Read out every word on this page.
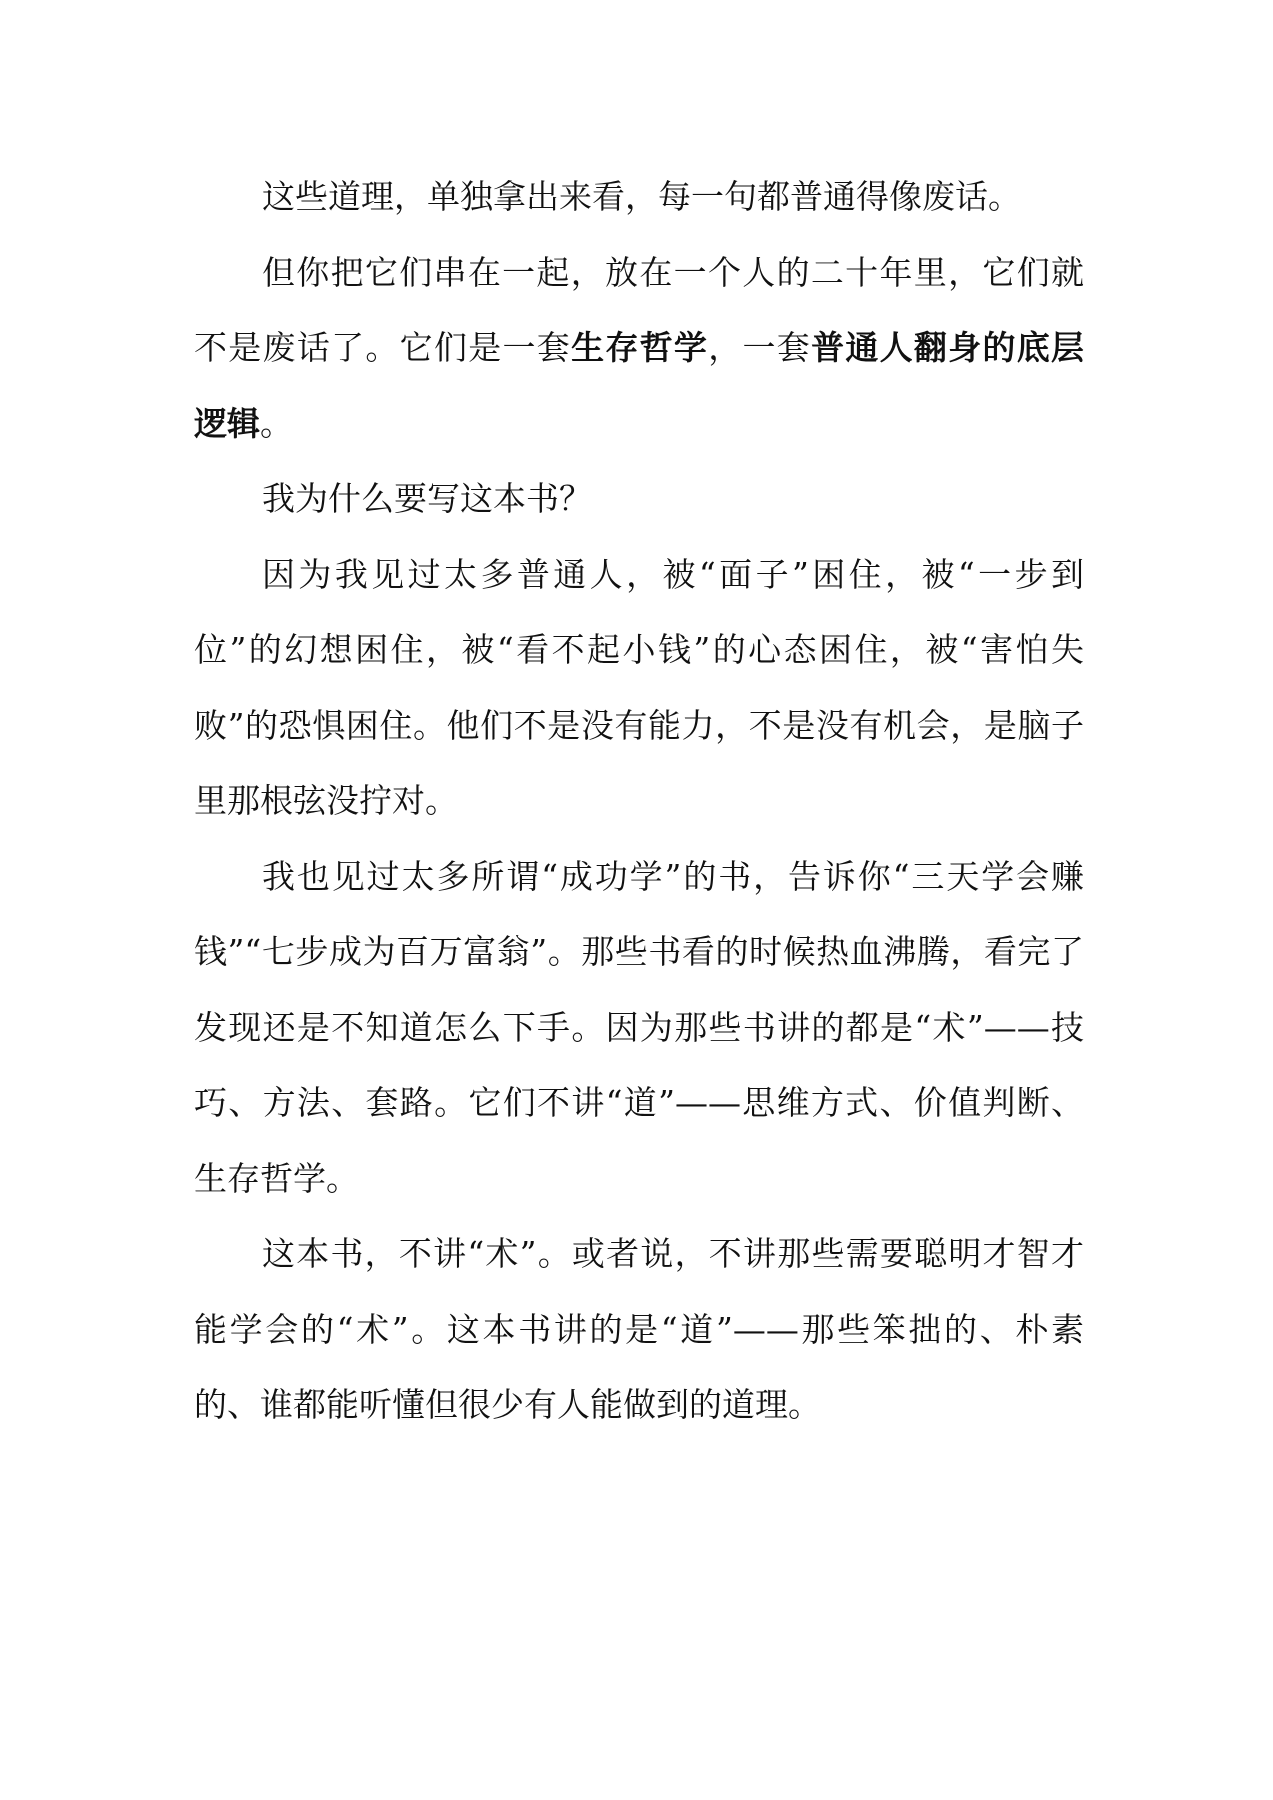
这些道理，单独拿出来看，每一句都普通得像废话。

但你把它们串在一起，放在一个人的二十年里，它们就不是废话了。它们是一套生存哲学，一套普通人翻身的底层逻辑。

我为什么要写这本书？

因为我见过太多普通人，被“面子”困住，被“一步到位”的幻想困住，被“看不起小钱”的心态困住，被“害怕失败”的恐惧困住。他们不是没有能力，不是没有机会，是脑子里那根弦没拧对。

我也见过太多所谓“成功学”的书，告诉你“三天学会赚钱”“七步成为百万富翁”。那些书看的时候热血沸腾，看完了发现还是不知道怎么下手。因为那些书讲的都是“术”——技巧、方法、套路。它们不讲“道”——思维方式、价值判断、生存哲学。

这本书，不讲“术”。或者说，不讲那些需要聪明才智才能学会的“术”。这本书讲的是“道”——那些笨拙的、朴素的、谁都能听懂但很少有人能做到的道理。
